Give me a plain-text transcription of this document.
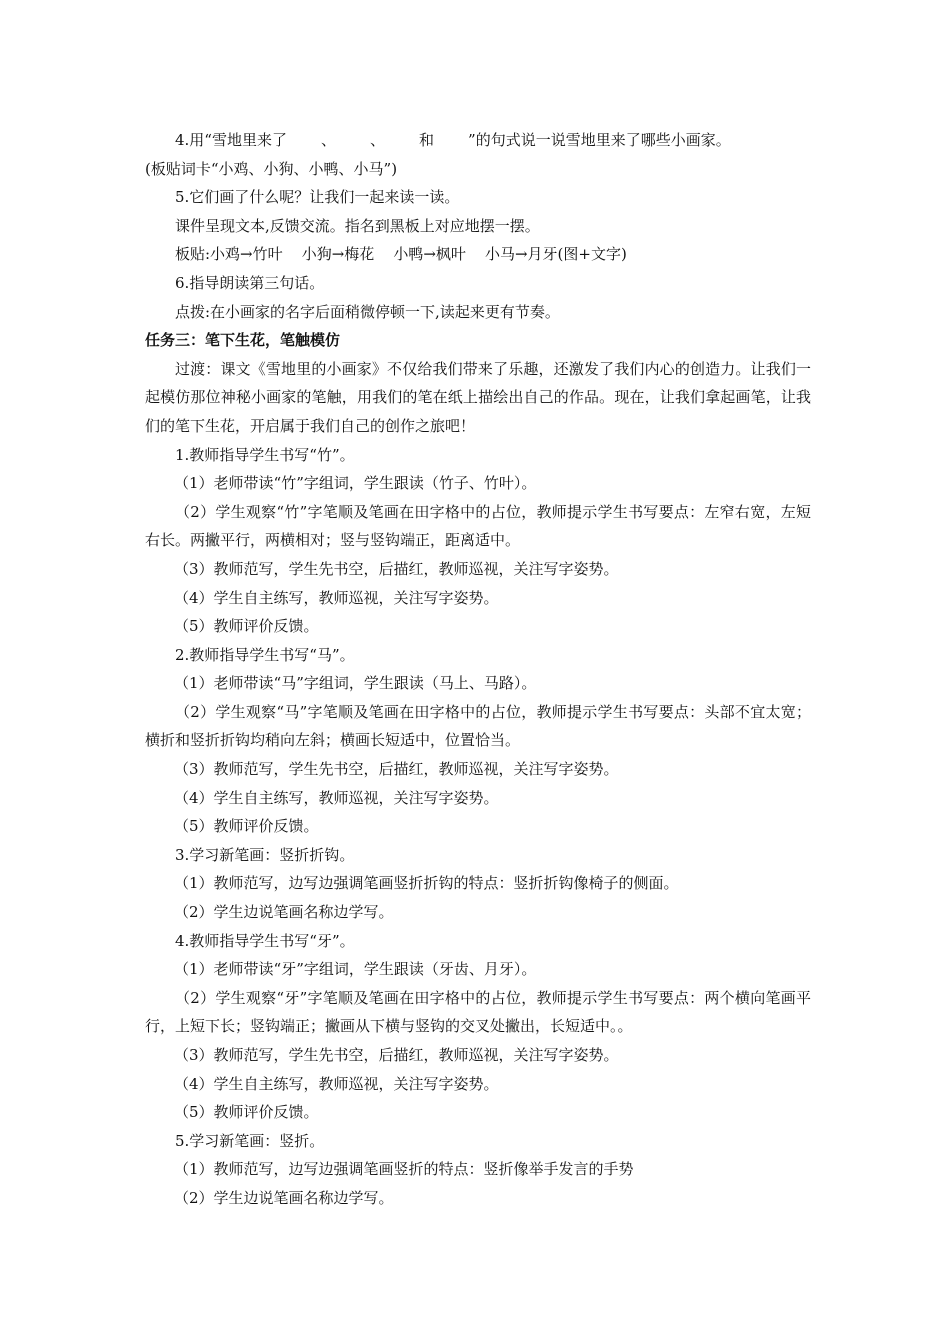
4.用“雪地里来了 、 、 和 ”的句式说一说雪地里来了哪些小画家。
(板贴词卡“小鸡、小狗、小鸭、小马”)
5.它们画了什么呢？让我们一起来读一读。
课件呈现文本,反馈交流。指名到黑板上对应地摆一摆。
板贴:小鸡→竹叶    小狗→梅花    小鸭→枫叶    小马→月牙(图+文字)
6.指导朗读第三句话。
点拨:在小画家的名字后面稍微停顿一下,读起来更有节奏。
任务三：笔下生花，笔触模仿
过渡：课文《雪地里的小画家》不仅给我们带来了乐趣，还激发了我们内心的创造力。让我们一起模仿那位神秘小画家的笔触，用我们的笔在纸上描绘出自己的作品。现在，让我们拿起画笔，让我们的笔下生花，开启属于我们自己的创作之旅吧！
1.教师指导学生书写“竹”。
（1）老师带读“竹”字组词，学生跟读（竹子、竹叶）。
（2）学生观察“竹”字笔顺及笔画在田字格中的占位，教师提示学生书写要点：左窄右宽，左短右长。两撇平行，两横相对；竖与竖钩端正，距离适中。
（3）教师范写，学生先书空，后描红，教师巡视，关注写字姿势。
（4）学生自主练写，教师巡视，关注写字姿势。
（5）教师评价反馈。
2.教师指导学生书写“马”。
（1）老师带读“马”字组词，学生跟读（马上、马路）。
（2）学生观察“马”字笔顺及笔画在田字格中的占位，教师提示学生书写要点：头部不宜太宽；横折和竖折折钩均稍向左斜；横画长短适中，位置恰当。
（3）教师范写，学生先书空，后描红，教师巡视，关注写字姿势。
（4）学生自主练写，教师巡视，关注写字姿势。
（5）教师评价反馈。
3.学习新笔画：竖折折钩。
（1）教师范写，边写边强调笔画竖折折钩的特点：竖折折钩像椅子的侧面。
（2）学生边说笔画名称边学写。
4.教师指导学生书写“牙”。
（1）老师带读“牙”字组词，学生跟读（牙齿、月牙）。
（2）学生观察“牙”字笔顺及笔画在田字格中的占位，教师提示学生书写要点：两个横向笔画平行，上短下长；竖钩端正；撇画从下横与竖钩的交叉处撇出，长短适中。。
（3）教师范写，学生先书空，后描红，教师巡视，关注写字姿势。
（4）学生自主练写，教师巡视，关注写字姿势。
（5）教师评价反馈。
5.学习新笔画：竖折。
（1）教师范写，边写边强调笔画竖折的特点：竖折像举手发言的手势
（2）学生边说笔画名称边学写。
